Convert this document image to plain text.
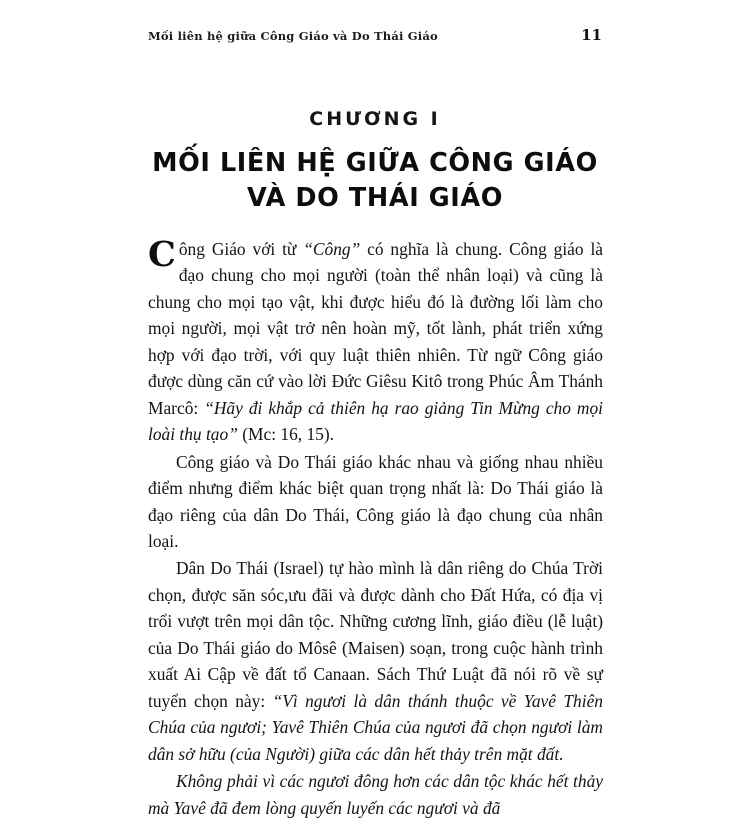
Mối liên hệ giữa Công Giáo và Do Thái Giáo	11
CHƯƠNG I
MỐI LIÊN HỆ GIỮA CÔNG GIÁO
VÀ DO THÁI GIÁO

Công Giáo với từ “Công” có nghĩa là chung. Công giáo là đạo chung cho mọi người (toàn thể nhân loại) và cũng là chung cho mọi tạo vật, khi được hiểu đó là đường lối làm cho mọi người, mọi vật trở nên hoàn mỹ, tốt lành, phát triển xứng hợp với đạo trời, với quy luật thiên nhiên. Từ ngữ Công giáo được dùng căn cứ vào lời Đức Giêsu Kitô trong Phúc Âm Thánh Marcô: “Hãy đi khắp cả thiên hạ rao giảng Tin Mừng cho mọi loài thụ tạo” (Mc: 16, 15).

Công giáo và Do Thái giáo khác nhau và giống nhau nhiều điểm nhưng điểm khác biệt quan trọng nhất là: Do Thái giáo là đạo riêng của dân Do Thái, Công giáo là đạo chung của nhân loại.

Dân Do Thái (Israel) tự hào mình là dân riêng do Chúa Trời chọn, được săn sóc,ưu đãi và được dành cho Đất Hứa, có địa vị trổi vượt trên mọi dân tộc. Những cương lĩnh, giáo điều (lễ luật) của Do Thái giáo do Môsê (Maisen) soạn, trong cuộc hành trình xuất Ai Cập về đất tổ Canaan. Sách Thứ Luật đã nói rõ về sự tuyển chọn này: “Vì ngươi là dân thánh thuộc về Yavê Thiên Chúa của ngươi; Yavê Thiên Chúa của ngươi đã chọn ngươi làm dân sở hữu (của Người) giữa các dân hết thảy trên mặt đất.

Không phải vì các ngươi đông hơn các dân tộc khác hết thảy mà Yavê đã đem lòng quyến luyến các ngươi và đã
